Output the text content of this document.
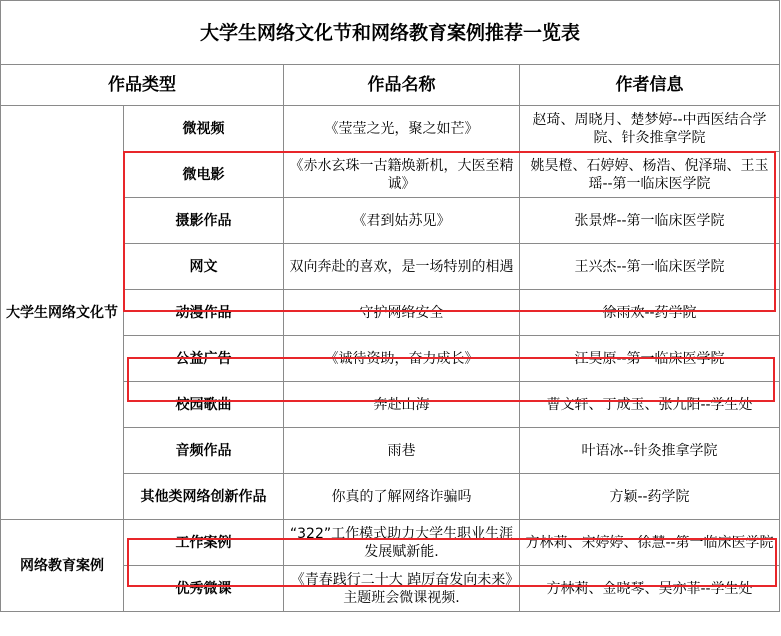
大学生网络文化节和网络教育案例推荐一览表			
作品类型		作品名称	作者信息
大学生网络文化节	微视频	《莹莹之光，聚之如芒》	赵琦、周晓月、楚梦婷--中西医结合学院、针灸推拿学院
	微电影	《赤水玄珠一古籍焕新机，大医至精诚》	姚昊橙、石婷婷、杨浩、倪泽瑞、王玉瑶--第一临床医学院
	摄影作品	《君到姑苏见》	张景烨--第一临床医学院
	网文	双向奔赴的喜欢，是一场特别的相遇	王兴杰--第一临床医学院
	动漫作品	守护网络安全	徐雨欢--药学院
	公益广告	《诚待资助，奋力成长》	江昊原--第一临床医学院
	校园歌曲	奔赴山海	曹文轩、丁成玉、张九阳--学生处
	音频作品	雨巷	叶语冰--针灸推拿学院
	其他类网络创新作品	你真的了解网络诈骗吗	方颖--药学院
网络教育案例	工作案例	“322”工作模式助力大学生职业生涯发展赋新能.	方林莉、宋婷婷、徐慧--第一临床医学院
	优秀微课	《青春践行二十大 踔厉奋发向未来》主题班会微课视频.	方林莉、金晓琴、吴亦菲--学生处
